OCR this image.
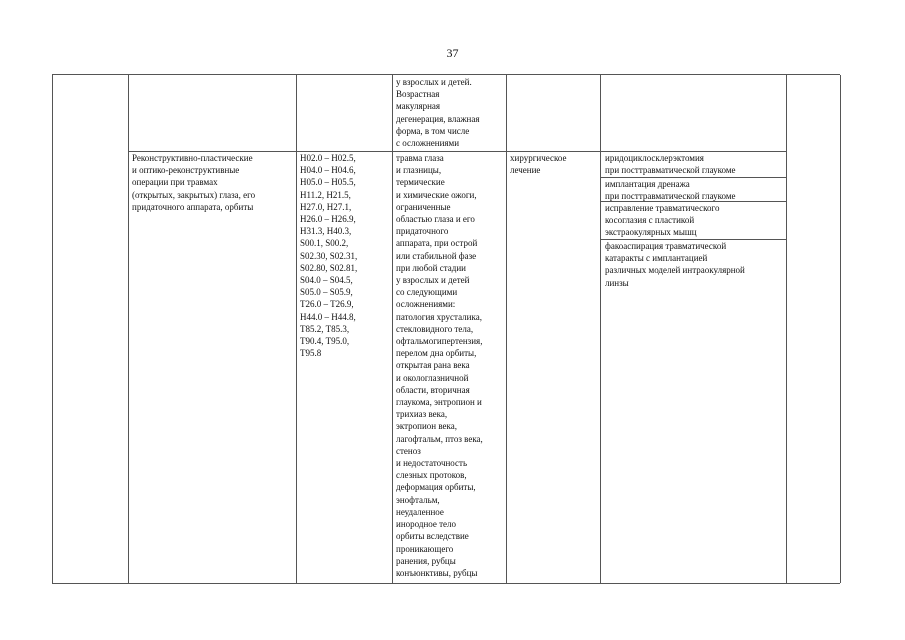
37
у взрослых и детей.
Возрастная
макулярная
дегенерация, влажная
форма, в том числе
с осложнениями
Реконструктивно-пластические
и оптико-реконструктивные
операции при травмах
(открытых, закрытых) глаза, его
придаточного аппарата, орбиты
H02.0 – H02.5,
H04.0 – H04.6,
H05.0 – H05.5,
H11.2, H21.5,
H27.0, H27.1,
H26.0 – H26.9,
H31.3, H40.3,
S00.1, S00.2,
S02.30, S02.31,
S02.80, S02.81,
S04.0 – S04.5,
S05.0 – S05.9,
T26.0 – T26.9,
H44.0 – H44.8,
T85.2, T85.3,
T90.4, T95.0,
T95.8
травма глаза
и глазницы,
термические
и химические ожоги,
ограниченные
областью глаза и его
придаточного
аппарата, при острой
или стабильной фазе
при любой стадии
у взрослых и детей
со следующими
осложнениями:
патология хрусталика,
стекловидного тела,
офтальмогипертензия,
перелом дна орбиты,
открытая рана века
и окологлазничной
области, вторичная
глаукома, энтропион и
трихиаз века,
эктропион века,
лагофтальм, птоз века,
стеноз
и недостаточность
слезных протоков,
деформация орбиты,
энофтальм,
неудаленное
инородное тело
орбиты вследствие
проникающего
ранения, рубцы
конъюнктивы, рубцы
хирургическое
лечение
иридоциклосклерэктомия
при посттравматической глаукоме
имплантация дренажа
при посттравматической глаукоме
исправление травматического
косоглазия с пластикой
экстраокулярных мышц
факоаспирация травматической
катаракты с имплантацией
различных моделей интраокулярной
линзы
